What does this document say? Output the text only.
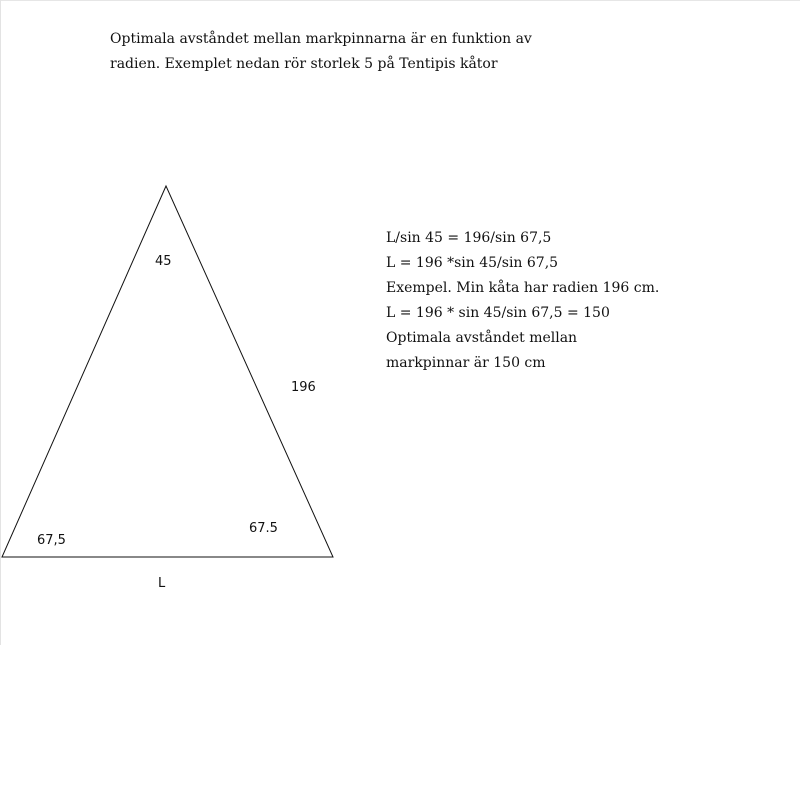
Optimala avståndet mellan markpinnarna är en funktion av

radien. Exemplet nedan rör storlek 5 på Tentipis kåtor

45
196
67,5
67.5
L

L/sin 45 = 196/sin 67,5

L = 196 *sin 45/sin 67,5

Exempel. Min kåta har radien 196 cm.

L = 196 * sin 45/sin 67,5 = 150

Optimala avståndet mellan

markpinnar är 150 cm
